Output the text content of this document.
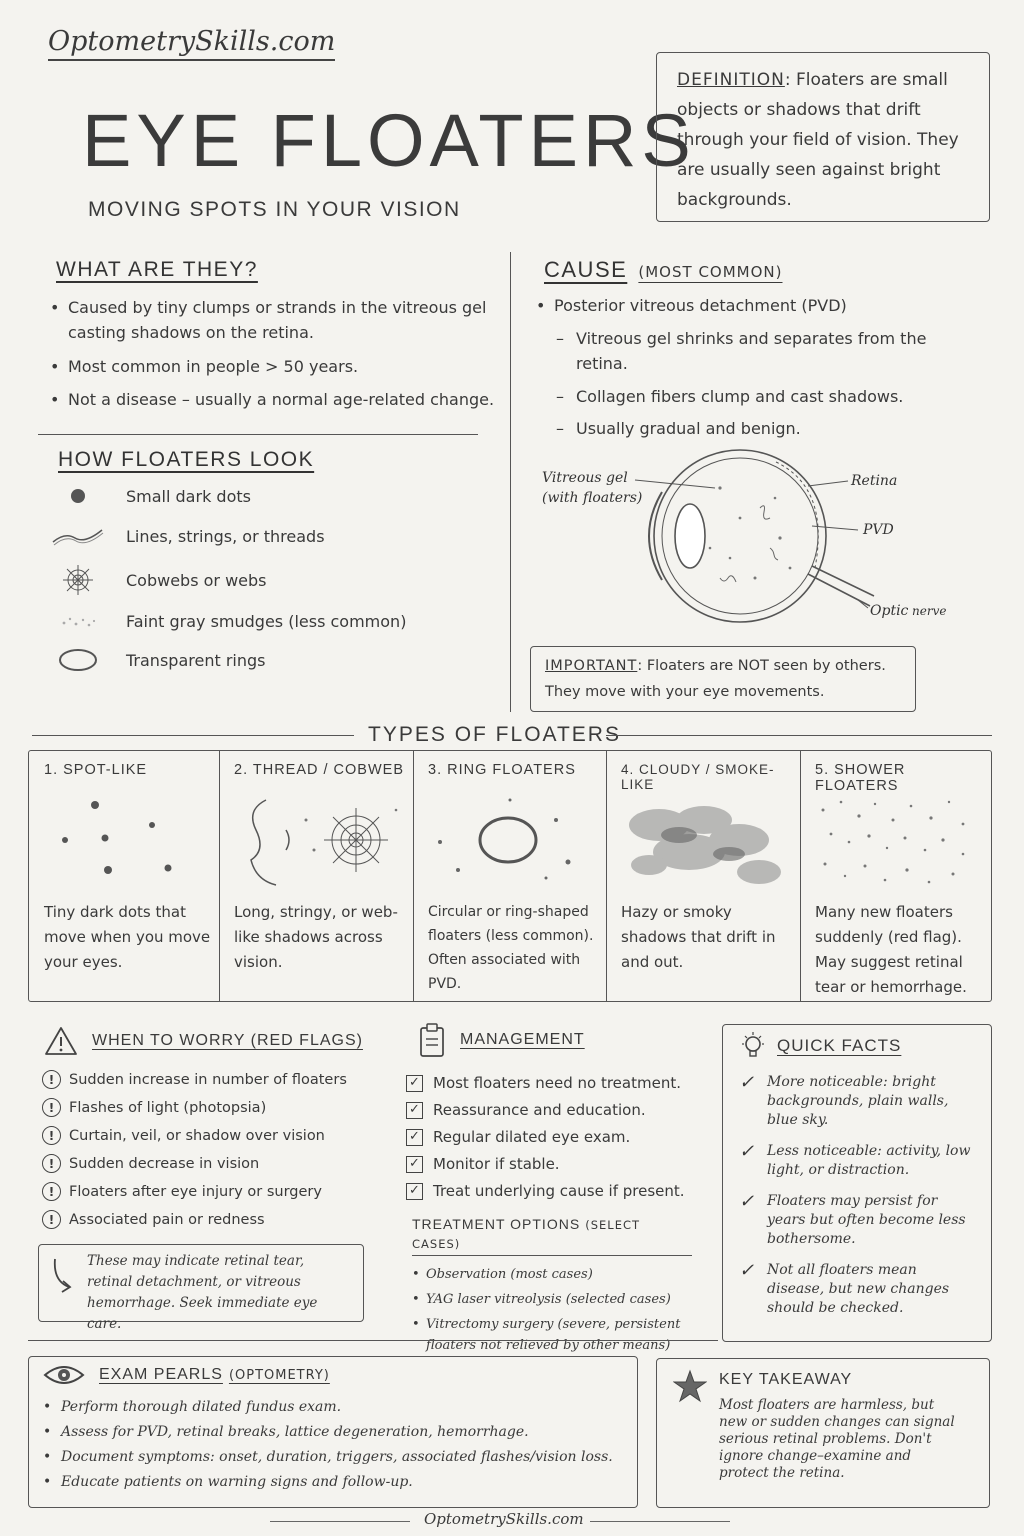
OptometrySkills.com
EYE FLOATERS
MOVING SPOTS IN YOUR VISION
DEFINITION: Floaters are small objects or shadows that drift through your field of vision. They are usually seen against bright backgrounds.
WHAT ARE THEY?
• Caused by tiny clumps or strands in the vitreous gel casting shadows on the retina.
• Most common in people > 50 years.
• Not a disease – usually a normal age-related change.
HOW FLOATERS LOOK
Small dark dots
Lines, strings, or threads
Cobwebs or webs
Faint gray smudges (less common)
Transparent rings
CAUSE (MOST COMMON)
• Posterior vitreous detachment (PVD)
– Vitreous gel shrinks and separates from the retina.
– Collagen fibers clump and cast shadows.
– Usually gradual and benign.
Vitreous gel
(with floaters)
Retina
PVD
Optic nerve
IMPORTANT: Floaters are NOT seen by others. They move with your eye movements.
TYPES OF FLOATERS
1. SPOT-LIKE
Tiny dark dots that move when you move your eyes.
2. THREAD / COBWEB
Long, stringy, or web-like shadows across vision.
3. RING FLOATERS
Circular or ring-shaped floaters (less common). Often associated with PVD.
4. CLOUDY / SMOKE-LIKE
Hazy or smoky shadows that drift in and out.
5. SHOWER FLOATERS
Many new floaters suddenly (red flag). May suggest retinal tear or hemorrhage.
WHEN TO WORRY (RED FLAGS)
!	Sudden increase in number of floaters
!	Flashes of light (photopsia)
!	Curtain, veil, or shadow over vision
!	Sudden decrease in vision
!	Floaters after eye injury or surgery
!	Associated pain or redness
These may indicate retinal tear, retinal detachment, or vitreous hemorrhage. Seek immediate eye care.
MANAGEMENT
✓ Most floaters need no treatment.
✓ Reassurance and education.
✓ Regular dilated eye exam.
✓ Monitor if stable.
✓ Treat underlying cause if present.
TREATMENT OPTIONS (SELECT CASES)
• Observation (most cases)
• YAG laser vitreolysis (selected cases)
• Vitrectomy surgery (severe, persistent floaters not relieved by other means)
QUICK FACTS
✓ More noticeable: bright backgrounds, plain walls, blue sky.
✓ Less noticeable: activity, low light, or distraction.
✓ Floaters may persist for years but often become less bothersome.
✓ Not all floaters mean disease, but new changes should be checked.
EXAM PEARLS (OPTOMETRY)
• Perform thorough dilated fundus exam.
• Assess for PVD, retinal breaks, lattice degeneration, hemorrhage.
• Document symptoms: onset, duration, triggers, associated flashes/vision loss.
• Educate patients on warning signs and follow-up.
KEY TAKEAWAY
Most floaters are harmless, but new or sudden changes can signal serious retinal problems. Don't ignore change–examine and protect the retina.
OptometrySkills.com
